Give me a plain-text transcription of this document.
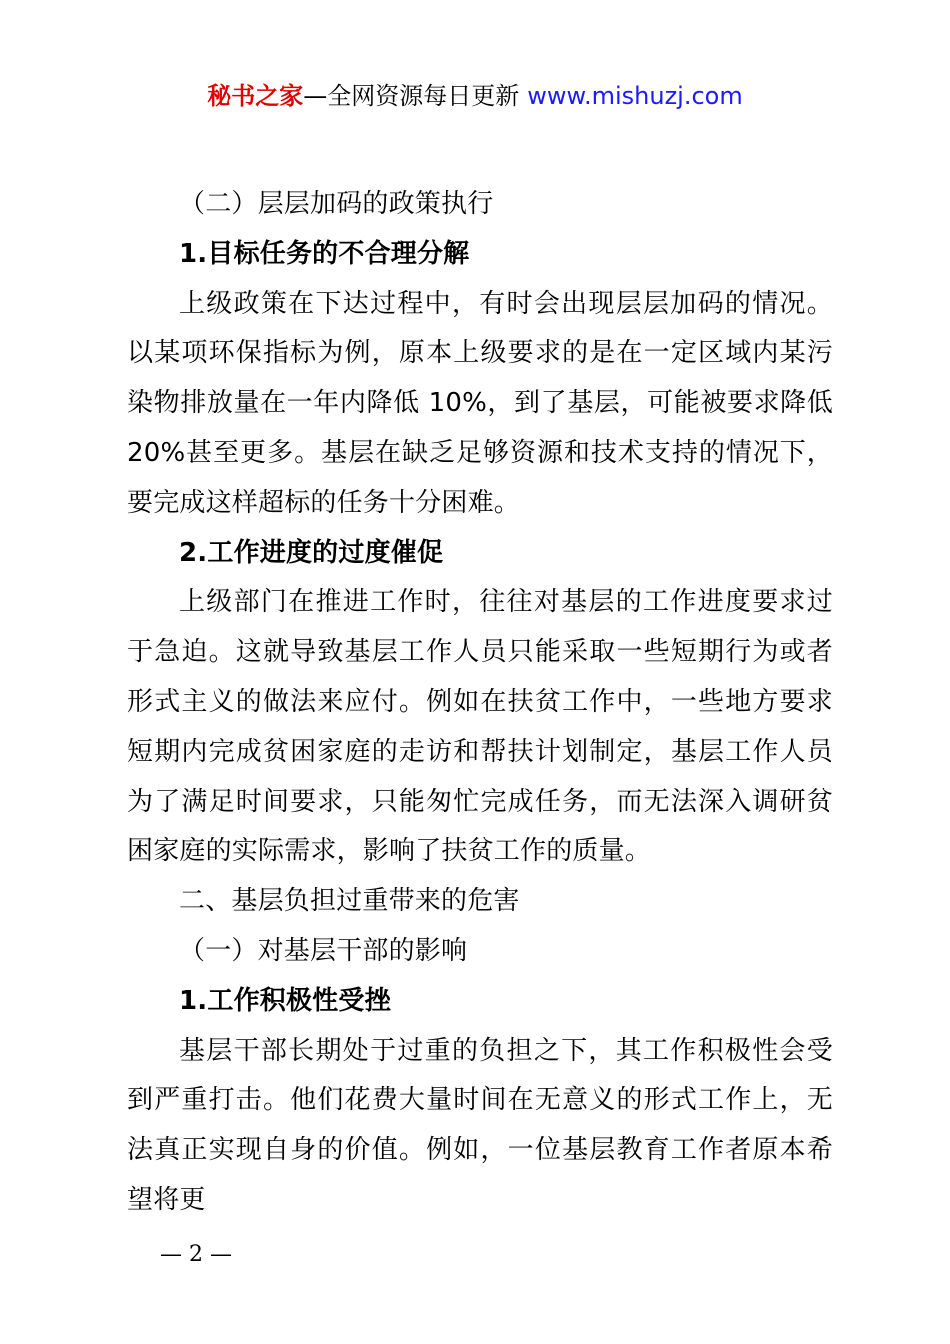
秘书之家—全网资源每日更新 www.mishuzj.com

（二）层层加码的政策执行

1.目标任务的不合理分解

上级政策在下达过程中，有时会出现层层加码的情况。以某项环保指标为例，原本上级要求的是在一定区域内某污染物排放量在一年内降低 10%，到了基层，可能被要求降低 20%甚至更多。基层在缺乏足够资源和技术支持的情况下，要完成这样超标的任务十分困难。

2.工作进度的过度催促

上级部门在推进工作时，往往对基层的工作进度要求过于急迫。这就导致基层工作人员只能采取一些短期行为或者形式主义的做法来应付。例如在扶贫工作中，一些地方要求短期内完成贫困家庭的走访和帮扶计划制定，基层工作人员为了满足时间要求，只能匆忙完成任务，而无法深入调研贫困家庭的实际需求，影响了扶贫工作的质量。

二、基层负担过重带来的危害

（一）对基层干部的影响

1.工作积极性受挫

基层干部长期处于过重的负担之下，其工作积极性会受到严重打击。他们花费大量时间在无意义的形式工作上，无法真正实现自身的价值。例如，一位基层教育工作者原本希望将更

— 2 —
